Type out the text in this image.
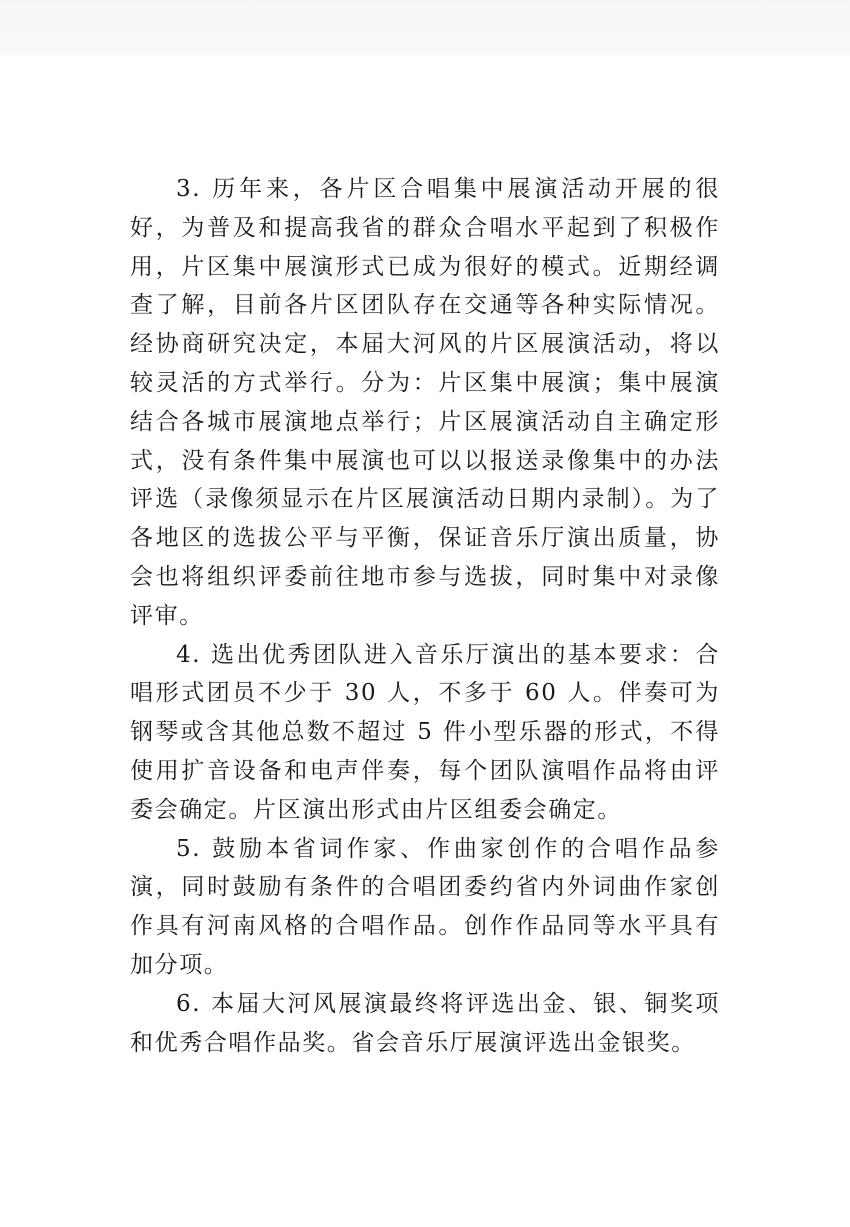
3. 历年来，各片区合唱集中展演活动开展的很好，为普及和提高我省的群众合唱水平起到了积极作用，片区集中展演形式已成为很好的模式。近期经调查了解，目前各片区团队存在交通等各种实际情况。经协商研究决定，本届大河风的片区展演活动，将以较灵活的方式举行。分为：片区集中展演；集中展演结合各城市展演地点举行；片区展演活动自主确定形式，没有条件集中展演也可以以报送录像集中的办法评选（录像须显示在片区展演活动日期内录制）。为了各地区的选拔公平与平衡，保证音乐厅演出质量，协会也将组织评委前往地市参与选拔，同时集中对录像评审。

4. 选出优秀团队进入音乐厅演出的基本要求：合唱形式团员不少于 30 人，不多于 60 人。伴奏可为钢琴或含其他总数不超过 5 件小型乐器的形式，不得使用扩音设备和电声伴奏，每个团队演唱作品将由评委会确定。片区演出形式由片区组委会确定。

5. 鼓励本省词作家、作曲家创作的合唱作品参演，同时鼓励有条件的合唱团委约省内外词曲作家创作具有河南风格的合唱作品。创作作品同等水平具有加分项。

6. 本届大河风展演最终将评选出金、银、铜奖项和优秀合唱作品奖。省会音乐厅展演评选出金银奖。
